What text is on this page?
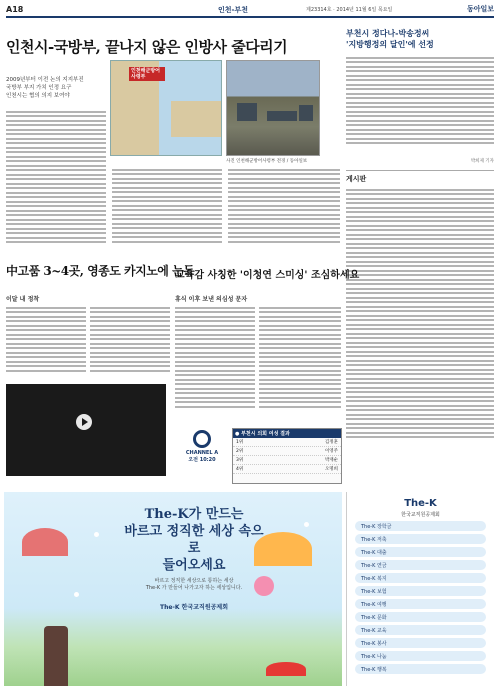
A18	인천-부천	제23314호 · 2014년 11월 6일 목요일	동아일보
인천시-국방부, 끝나지 않은 인방사 줄다리기
2009년부터 이전 논의 지지부진
국방부 부지 가치 인정 요구
인천시는 협의 의지 보여야
인천해군방어사령부
사진 인천해군방어사령부 전경 / 동아일보
부천시 정다나-박송정씨
'지방행정의 달인'에 선정
박희제 기자
게시판
中고품 3~4곳, 영종도 카지노에 눈독
이달 내 정착
교육감 사칭한 '이청연 스미싱' 조심하세요
휴식 이후 보낸 의심성 문자
CHANNEL A
오전 10:20
● 부천시 의회 여성 결과
1위	김정훈
2위	이영주
3위	박재순
4위	오명희
The-K가 만드는
바르고 정직한 세상 속으로
들어오세요
바르고 정직한 세상으로 통하는 세상
The-K 가 만들어 나가고자 하는 세상입니다.
The-K 한국교직원공제회
The-K
한국교직원공제회
The-K 장학금
The-K 저축
The-K 대출
The-K 연금
The-K 복지
The-K 보험
The-K 여행
The-K 문화
The-K 교육
The-K 봉사
The-K 나눔
The-K 행복
